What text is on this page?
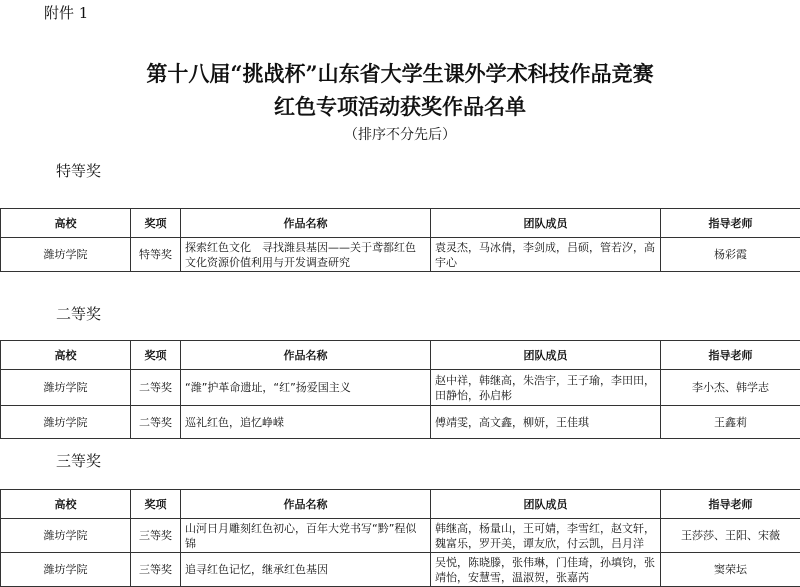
附件 1
第十八届“挑战杯”山东省大学生课外学术科技作品竞赛
红色专项活动获奖作品名单
（排序不分先后）
特等奖
高校	奖项	作品名称	团队成员	指导老师
潍坊学院	特等奖	探索红色文化　寻找潍县基因——关于鸢都红色文化资源价值利用与开发调查研究	袁灵杰，马冰倩，李剑成，吕硕，管若汐，高宇心	杨彩霞
二等奖
高校	奖项	作品名称	团队成员	指导老师
潍坊学院	二等奖	“潍”护革命遗址，“红”扬爱国主义	赵中祥，韩继高，朱浩宇，王子瑜，李田田，田静怡，孙启彬	李小杰、韩学志
潍坊学院	二等奖	巡礼红色，追忆峥嵘	傅靖雯，高文鑫，柳妍，王佳琪	王鑫莉
三等奖
高校	奖项	作品名称	团队成员	指导老师
潍坊学院	三等奖	山河日月雕刻红色初心，百年大党书写“黔”程似锦	韩继高，杨量山，王可婧，李雪红，赵文轩，魏富乐，罗开美，谭友欣，付云凯，吕月洋	王莎莎、王阳、宋薇
潍坊学院	三等奖	追寻红色记忆，继承红色基因	吴悦，陈晓滕，张伟琳，门佳琦，孙填钧，张靖怡，安慧雪，温淑贺，张嘉芮	窦荣坛
